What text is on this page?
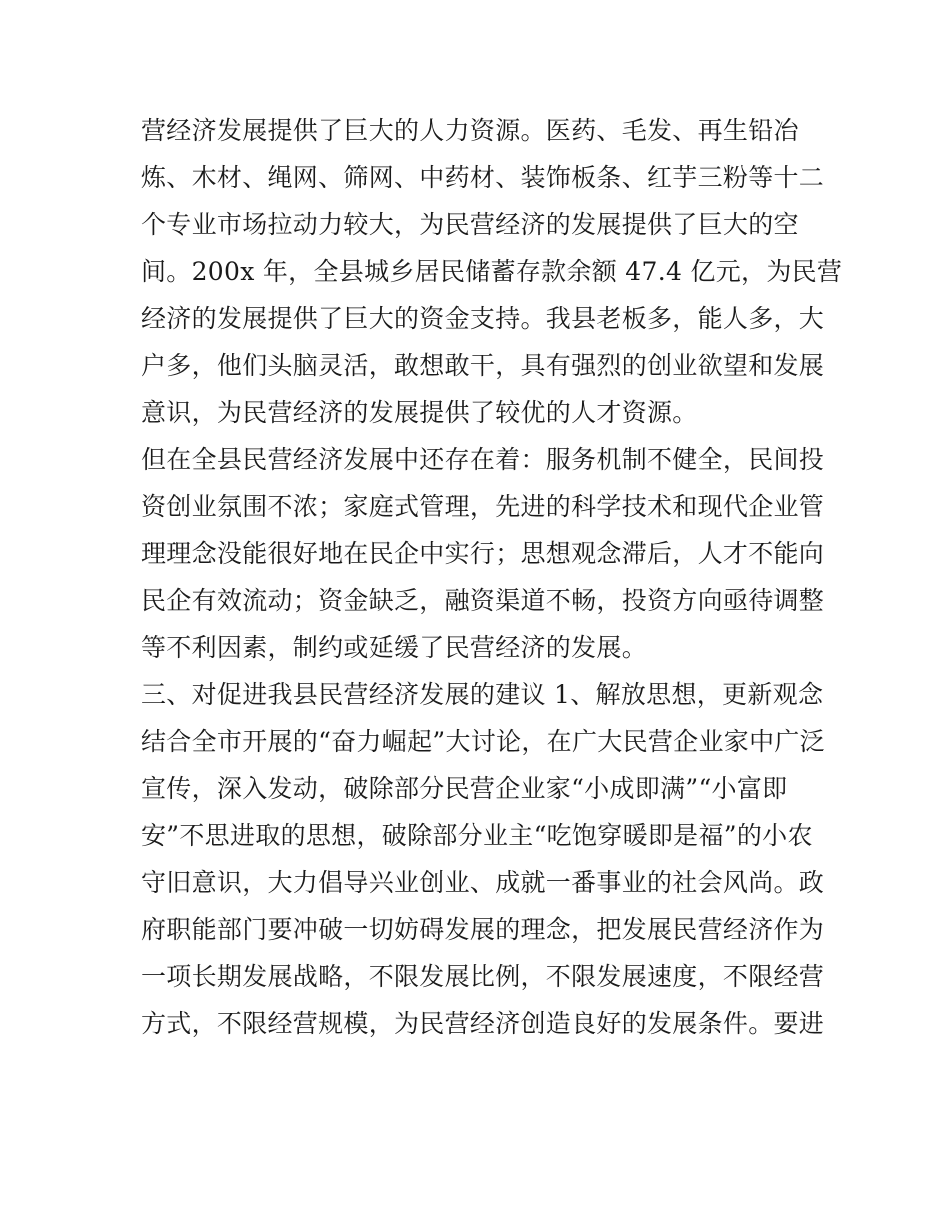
营经济发展提供了巨大的人力资源。医药、毛发、再生铅冶
炼、木材、绳网、筛网、中药材、装饰板条、红芋三粉等十二
个专业市场拉动力较大，为民营经济的发展提供了巨大的空
间。200x 年，全县城乡居民储蓄存款余额 47.4 亿元，为民营
经济的发展提供了巨大的资金支持。我县老板多，能人多，大
户多，他们头脑灵活，敢想敢干，具有强烈的创业欲望和发展
意识，为民营经济的发展提供了较优的人才资源。
但在全县民营经济发展中还存在着：服务机制不健全，民间投
资创业氛围不浓；家庭式管理，先进的科学技术和现代企业管
理理念没能很好地在民企中实行；思想观念滞后，人才不能向
民企有效流动；资金缺乏，融资渠道不畅，投资方向亟待调整
等不利因素，制约或延缓了民营经济的发展。
三、对促进我县民营经济发展的建议 1、解放思想，更新观念
结合全市开展的“奋力崛起”大讨论，在广大民营企业家中广泛
宣传，深入发动，破除部分民营企业家“小成即满”“小富即
安”不思进取的思想，破除部分业主“吃饱穿暖即是福”的小农
守旧意识，大力倡导兴业创业、成就一番事业的社会风尚。政
府职能部门要冲破一切妨碍发展的理念，把发展民营经济作为
一项长期发展战略，不限发展比例，不限发展速度，不限经营
方式，不限经营规模，为民营经济创造良好的发展条件。要进
